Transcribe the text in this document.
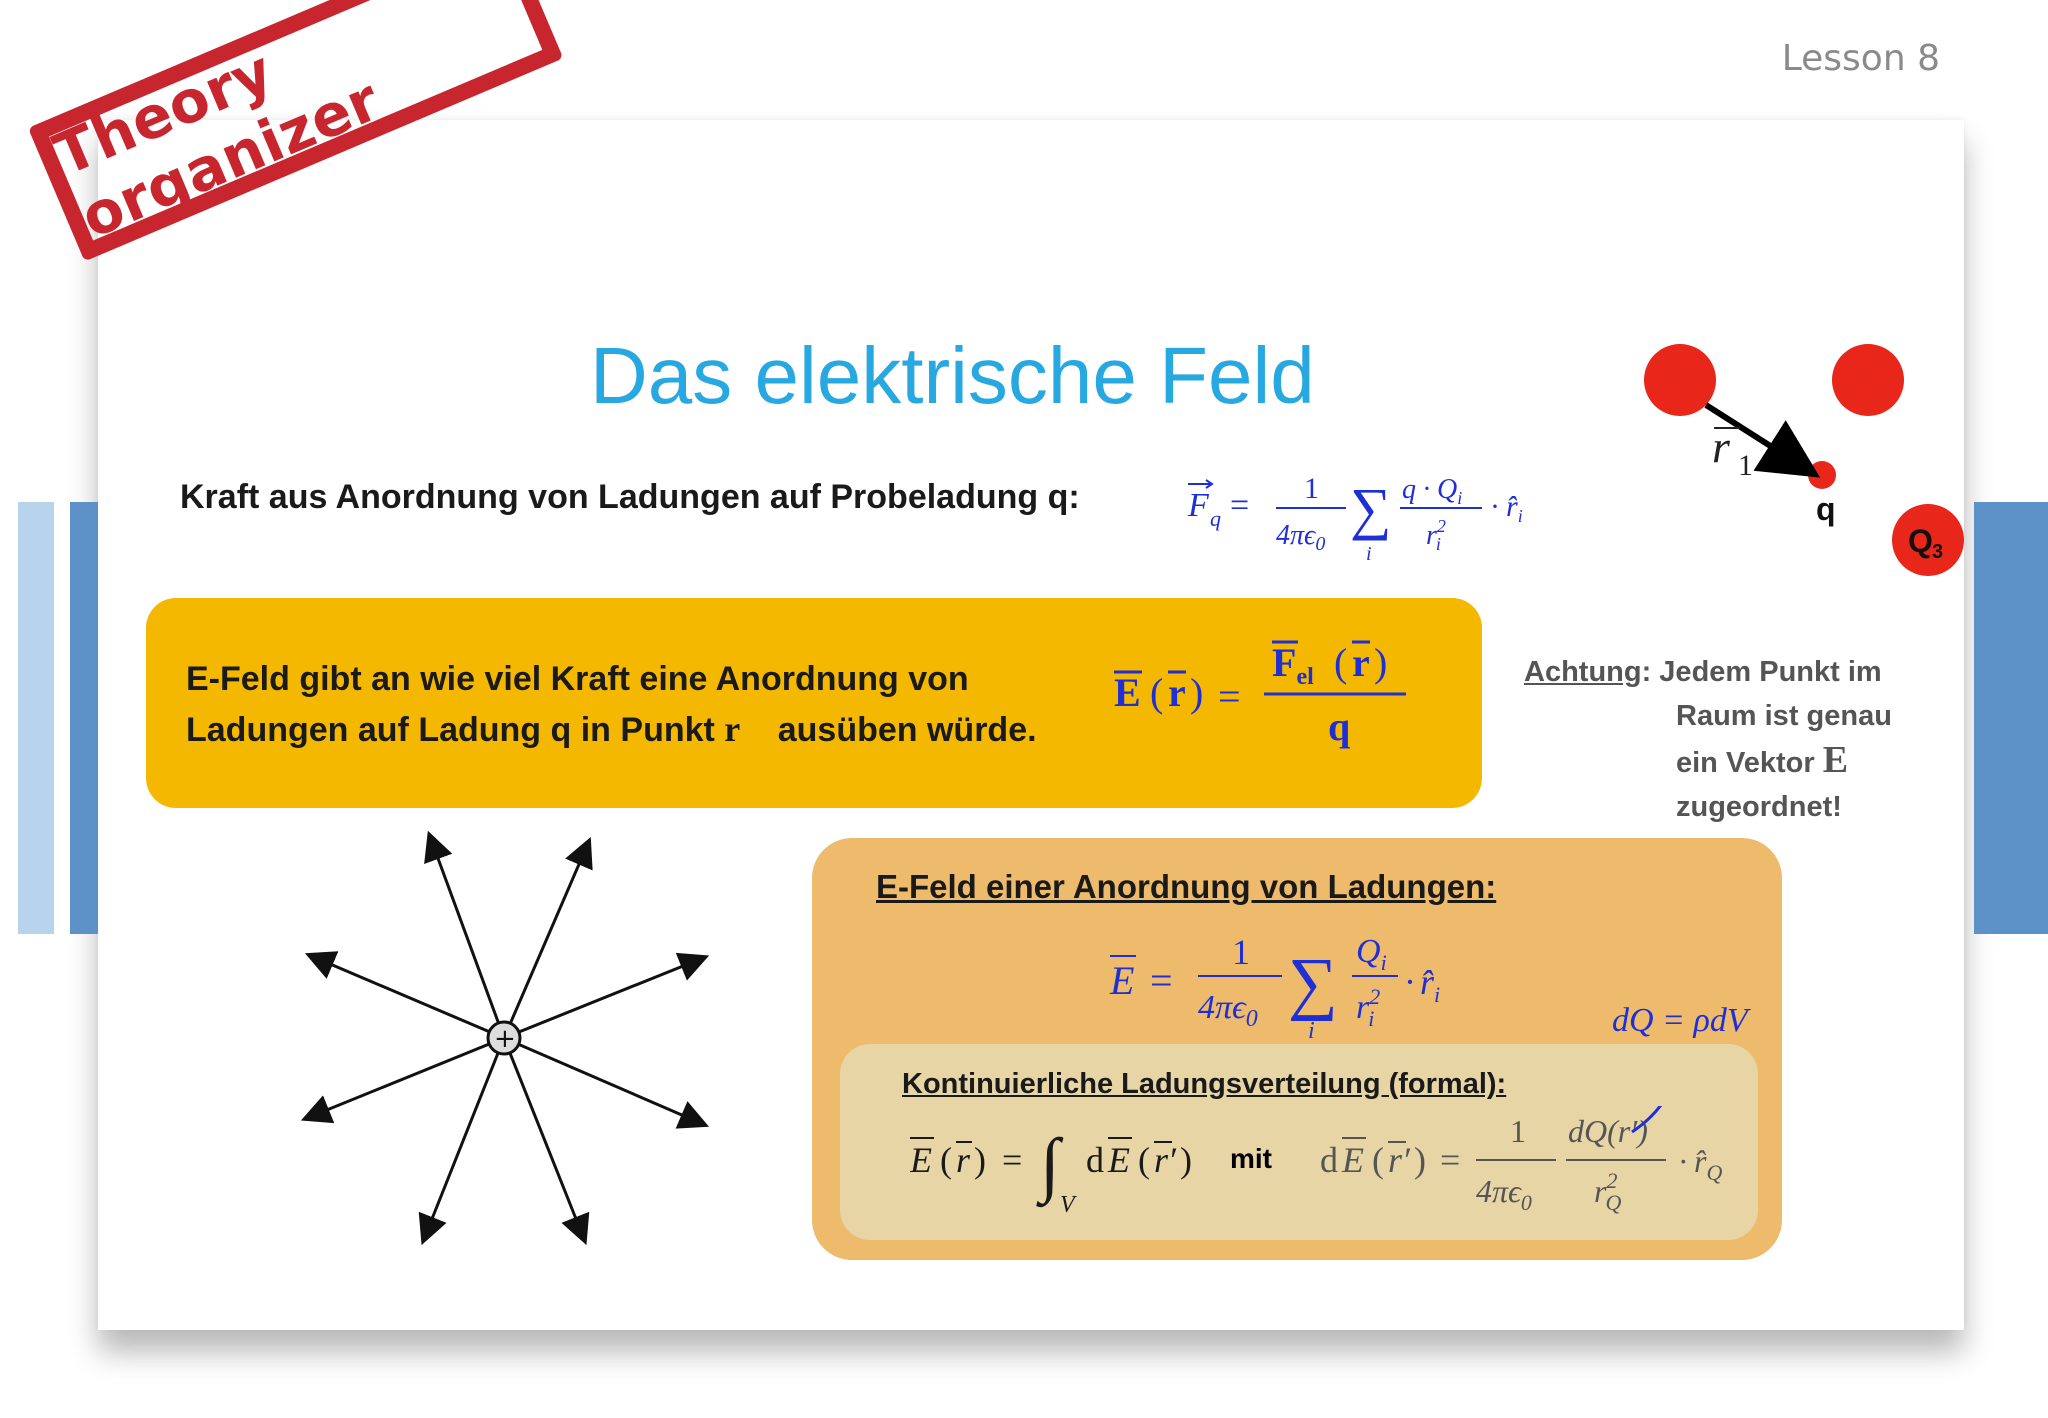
Lesson 8
Theory organizer
Das elektrische Feld
r 1
q
Q 3
Kraft aus Anordnung von Ladungen auf Probeladung q:	F q = 1
$4\pi\epsilon_0$
∑
i
$q \cdot Q_i$
$r^2$ i
· $r̂_i$
E-Feld gibt an wie viel Kraft eine Anordnung von
Ladungen auf Ladung q in Punkt r⃗ ausüben würde.
E ( r ) =
$F_{el}$ ( r )
q
Achtung: Jedem Punkt im
Raum ist genau
ein Vektor E⃗
zugeordnet!
+
E-Feld einer Anordnung von Ladungen:
E =
1
$4\pi\epsilon_0$ ∑
i
$Q_i$
$r^2$ i
· $r̂_i$
Kontinuierliche Ladungsverteilung (formal):
E ( r ) = ∫
V
d E ( r′ )	d E ( r′ ) =
1
$4\pi\epsilon_0$
dQ(r′)
$r^2$ Q
· $r̂_Q$
mit
dQ = ρdV
